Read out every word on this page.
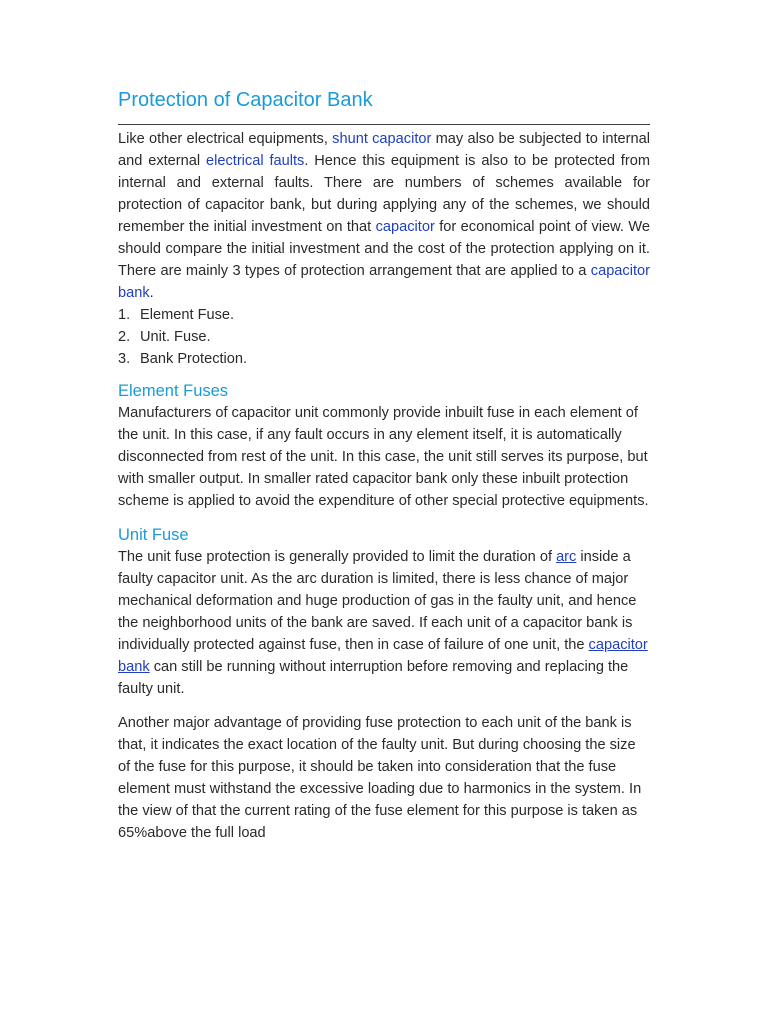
Protection of Capacitor Bank

Like other electrical equipments, shunt capacitor may also be subjected to internal and external electrical faults. Hence this equipment is also to be protected from internal and external faults. There are numbers of schemes available for protection of capacitor bank, but during applying any of the schemes, we should remember the initial investment on that capacitor for economical point of view. We should compare the initial investment and the cost of the protection applying on it. There are mainly 3 types of protection arrangement that are applied to a capacitor bank.

1. Element Fuse.
2. Unit. Fuse.
3. Bank Protection.
Element Fuses

Manufacturers of capacitor unit commonly provide inbuilt fuse in each element of the unit. In this case, if any fault occurs in any element itself, it is automatically disconnected from rest of the unit. In this case, the unit still serves its purpose, but with smaller output. In smaller rated capacitor bank only these inbuilt protection scheme is applied to avoid the expenditure of other special protective equipments.

Unit Fuse

The unit fuse protection is generally provided to limit the duration of arc inside a faulty capacitor unit. As the arc duration is limited, there is less chance of major mechanical deformation and huge production of gas in the faulty unit, and hence the neighborhood units of the bank are saved. If each unit of a capacitor bank is individually protected against fuse, then in case of failure of one unit, the capacitor bank can still be running without interruption before removing and replacing the faulty unit.

Another major advantage of providing fuse protection to each unit of the bank is that, it indicates the exact location of the faulty unit. But during choosing the size of the fuse for this purpose, it should be taken into consideration that the fuse element must withstand the excessive loading due to harmonics in the system. In the view of that the current rating of the fuse element for this purpose is taken as 65%above the full load
